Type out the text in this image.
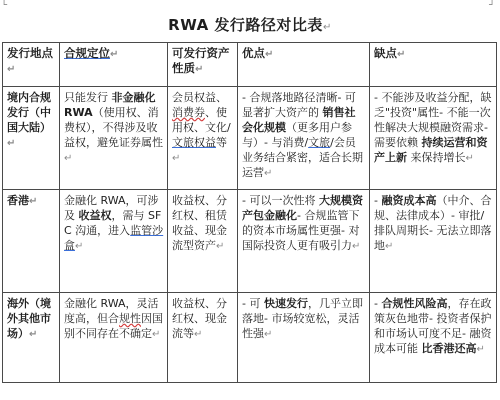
└	┘
RWA 发行路径对比表↵
发行地点↵	合规定位↵	可发行资产性质↵	优点↵	缺点↵
境内合规发行（中国大陆）↵	只能发行 非金融化 RWA（使用权、消费权），不得涉及收益权，避免证券属性↵	会员权益、消费券、使用权、文化/文旅权益等↵	- 合规落地路径清晰- 可显著扩大资产的 销售社会化规模（更多用户参与）- 与消费/文旅/会员业务结合紧密，适合长期运营↵	- 不能涉及收益分配，缺乏"投资"属性- 不能一次性解决大规模融资需求- 需要依赖 持续运营和资产上新 来保持增长↵
香港↵	金融化 RWA，可涉及 收益权，需与 SFC 沟通，进入监管沙盒↵	收益权、分红权、租赁收益、现金流型资产↵	- 可以一次性将 大规模资产包金融化- 合规监管下的资本市场属性更强- 对国际投资人更有吸引力↵	- 融资成本高（中介、合规、法律成本）- 审批/排队周期长- 无法立即落地↵
海外（境外其他市场）↵	金融化 RWA，灵活度高，但合规性因国别不同存在不确定↵	收益权、分红权、现金流等↵	- 可 快速发行，几乎立即落地- 市场较宽松，灵活性强↵	- 合规性风险高，存在政策灰色地带- 投资者保护和市场认可度不足- 融资成本可能 比香港还高↵
